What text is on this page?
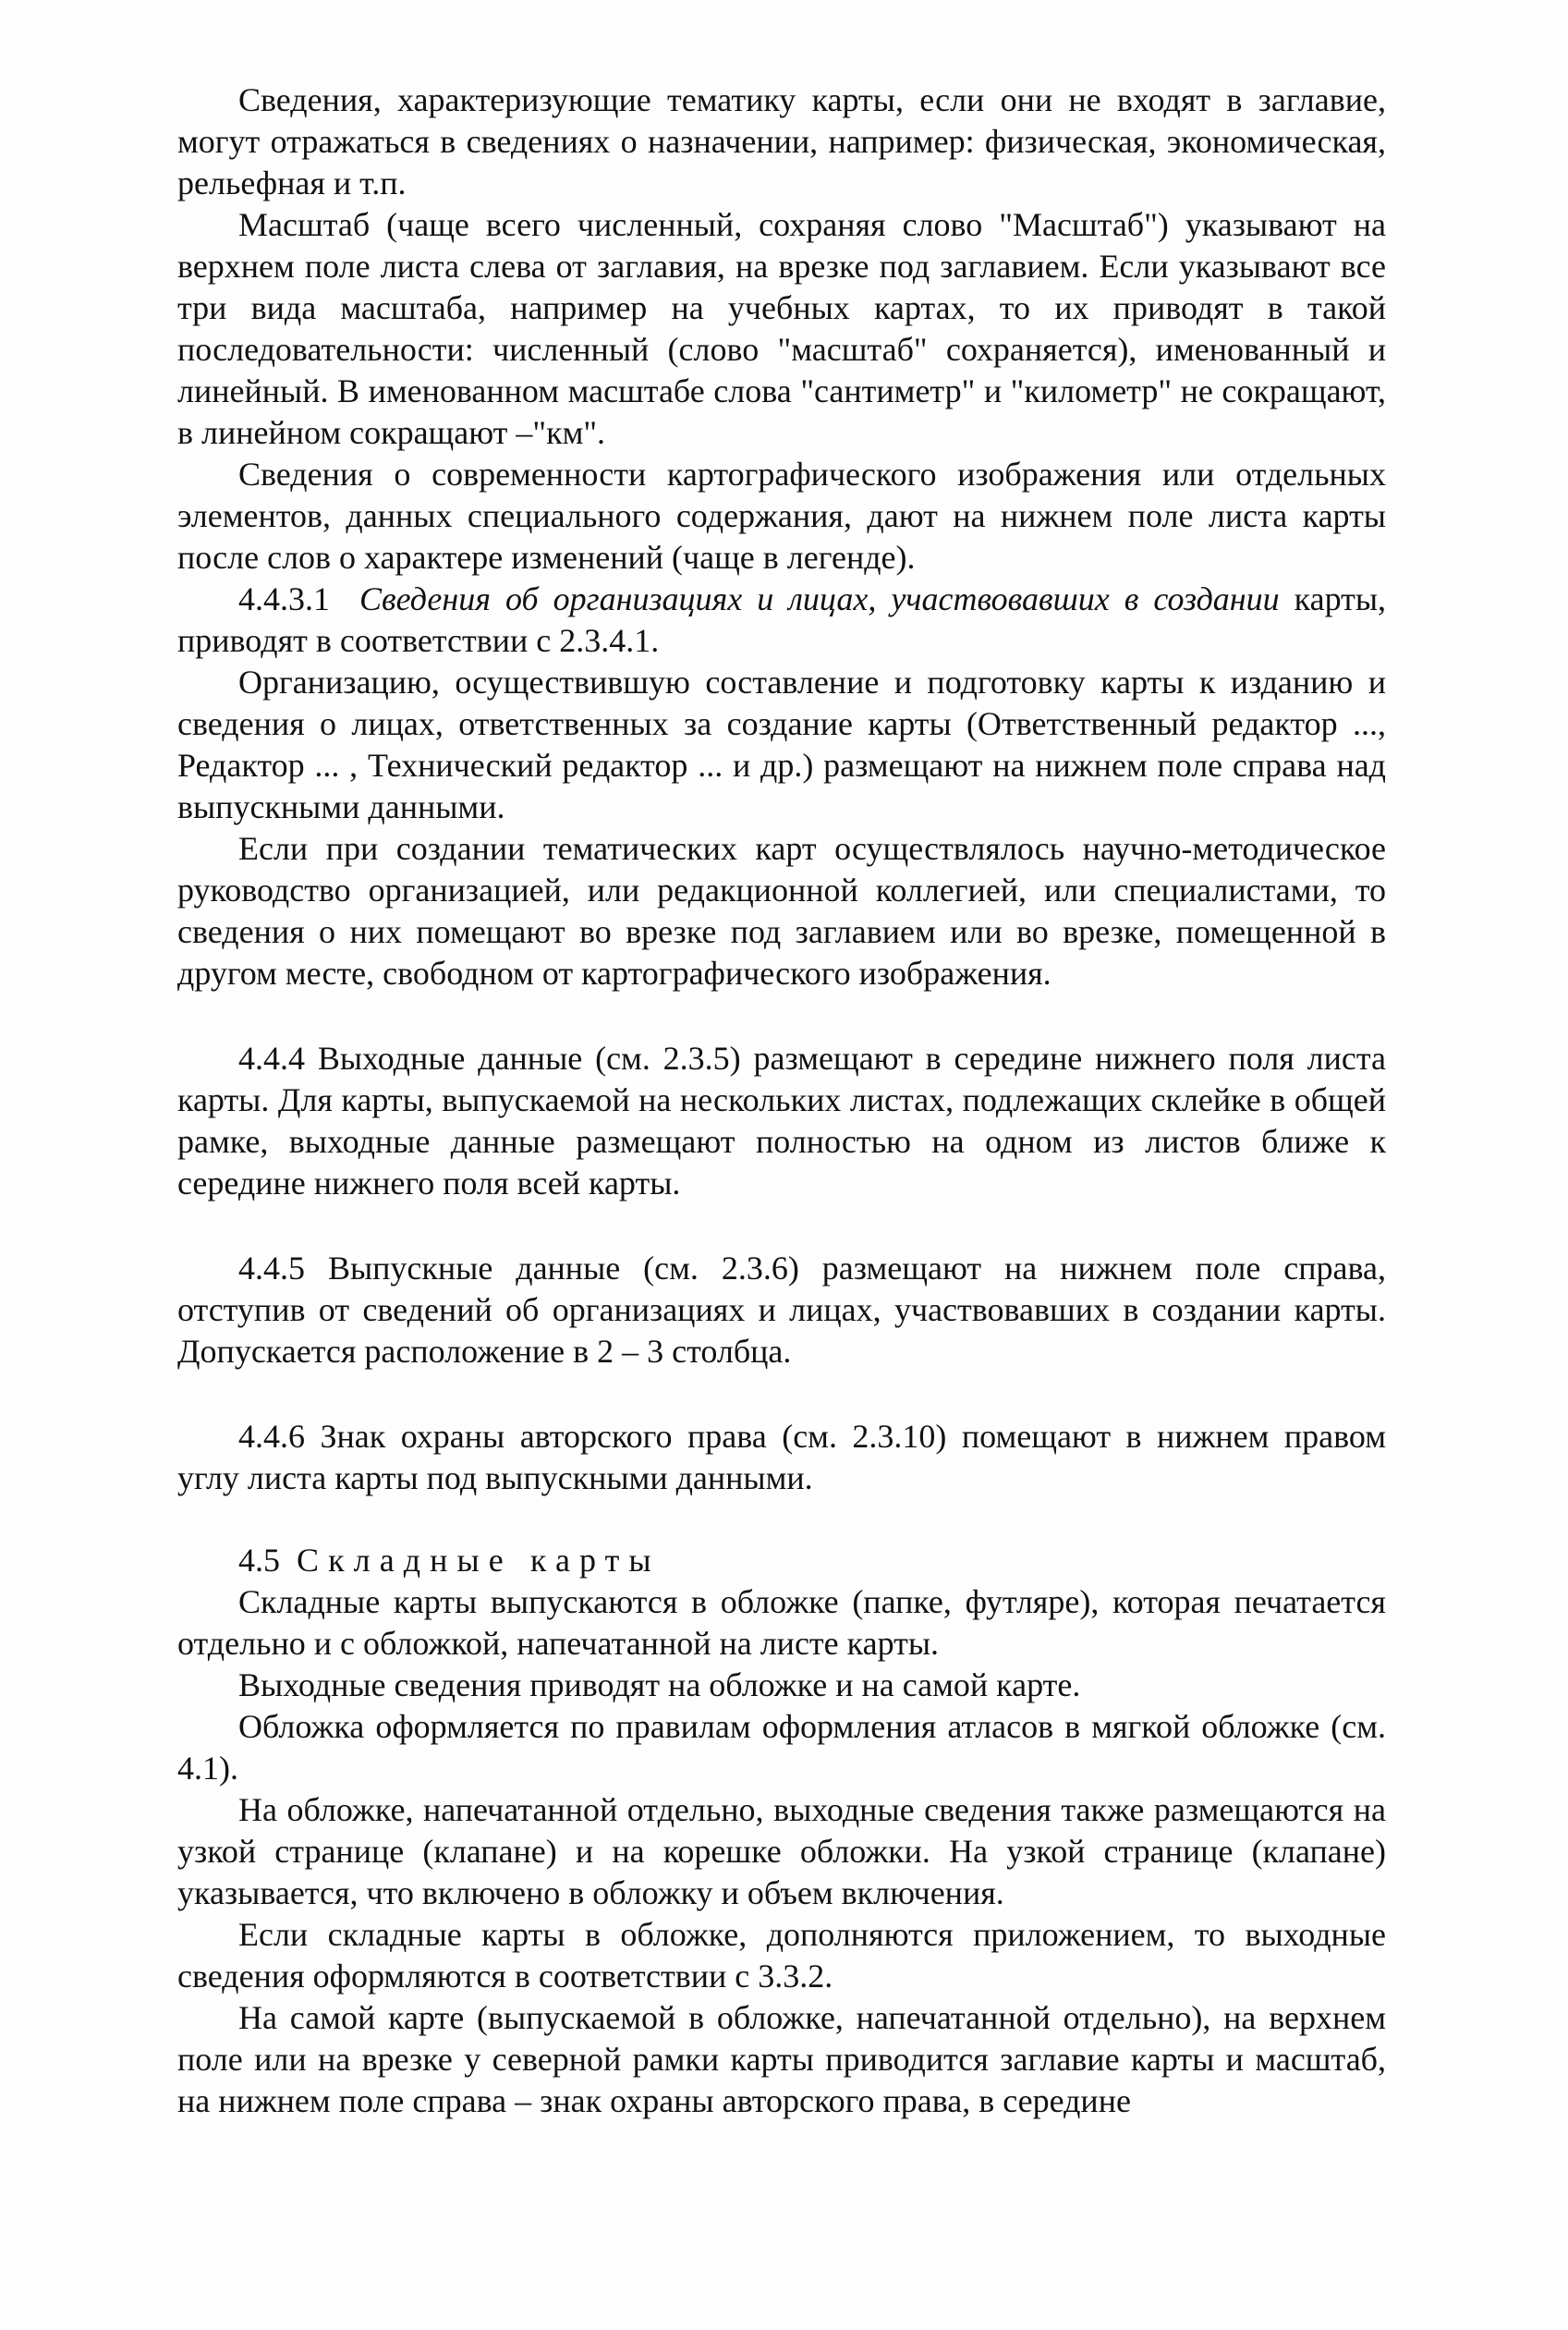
Сведения, характеризующие тематику карты, если они не входят в заглавие, могут отражаться в сведениях о назначении, например: физическая, экономическая, рельефная и т.п.

Масштаб (чаще всего численный, сохраняя слово "Масштаб") указывают на верхнем поле листа слева от заглавия, на врезке под заглавием. Если указывают все три вида масштаба, например на учебных картах, то их приводят в такой последовательности: численный (слово "масштаб" сохраняется), именованный и линейный. В именованном масштабе слова "сантиметр" и "километр" не сокращают, в линейном сокращают –"км".

Сведения о современности картографического изображения или отдельных элементов, данных специального содержания, дают на нижнем поле листа карты после слов о характере изменений (чаще в легенде).

4.4.3.1 Сведения об организациях и лицах, участвовавших в создании карты, приводят в соответствии с 2.3.4.1.

Организацию, осуществившую составление и подготовку карты к изданию и сведения о лицах, ответственных за создание карты (Ответственный редактор ..., Редактор ... , Технический редактор ... и др.) размещают на нижнем поле справа над выпускными данными.

Если при создании тематических карт осуществлялось научно-методическое руководство организацией, или редакционной коллегией, или специалистами, то сведения о них помещают во врезке под заглавием или во врезке, помещенной в другом месте, свободном от картографического изображения.

4.4.4 Выходные данные (см. 2.3.5) размещают в середине нижнего поля листа карты. Для карты, выпускаемой на нескольких листах, подлежащих склейке в общей рамке, выходные данные размещают полностью на одном из листов ближе к середине нижнего поля всей карты.

4.4.5 Выпускные данные (см. 2.3.6) размещают на нижнем поле справа, отступив от сведений об организациях и лицах, участвовавших в создании карты. Допускается расположение в 2 – 3 столбца.

4.4.6 Знак охраны авторского права (см. 2.3.10) помещают в нижнем правом углу листа карты под выпускными данными.

4.5 Складные карты

Складные карты выпускаются в обложке (папке, футляре), которая печатается отдельно и с обложкой, напечатанной на листе карты.

Выходные сведения приводят на обложке и на самой карте.

Обложка оформляется по правилам оформления атласов в мягкой обложке (см. 4.1).

На обложке, напечатанной отдельно, выходные сведения также размещаются на узкой странице (клапане) и на корешке обложки. На узкой странице (клапане) указывается, что включено в обложку и объем включения.

Если складные карты в обложке, дополняются приложением, то выходные сведения оформляются в соответствии с 3.3.2.

На самой карте (выпускаемой в обложке, напечатанной отдельно), на верхнем поле или на врезке у северной рамки карты приводится заглавие карты и масштаб, на нижнем поле справа – знак охраны авторского права, в середине
